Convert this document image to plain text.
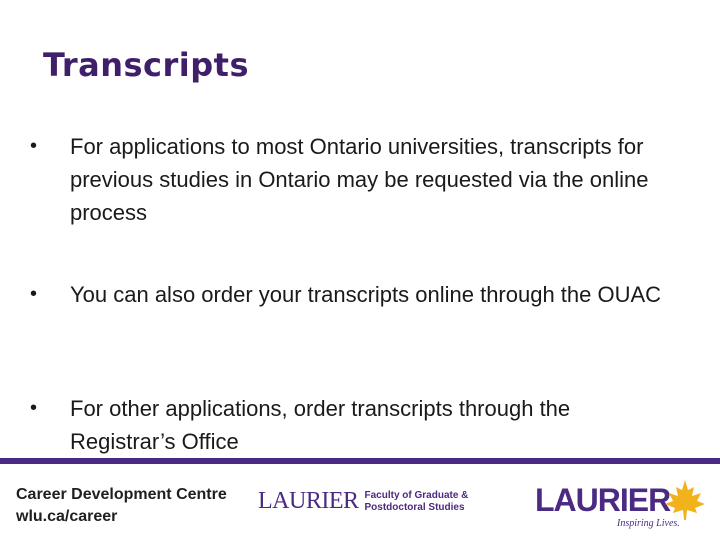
Transcripts
•	For applications to most Ontario universities, transcripts for previous studies in Ontario may be requested via the online process
•	You can also order your transcripts online through the OUAC
•	For other applications, order transcripts through the Registrar’s Office
Career Development Centre
wlu.ca/career
LAURIER Faculty of Graduate &
Postdoctoral Studies LAURIER
Inspiring Lives.
